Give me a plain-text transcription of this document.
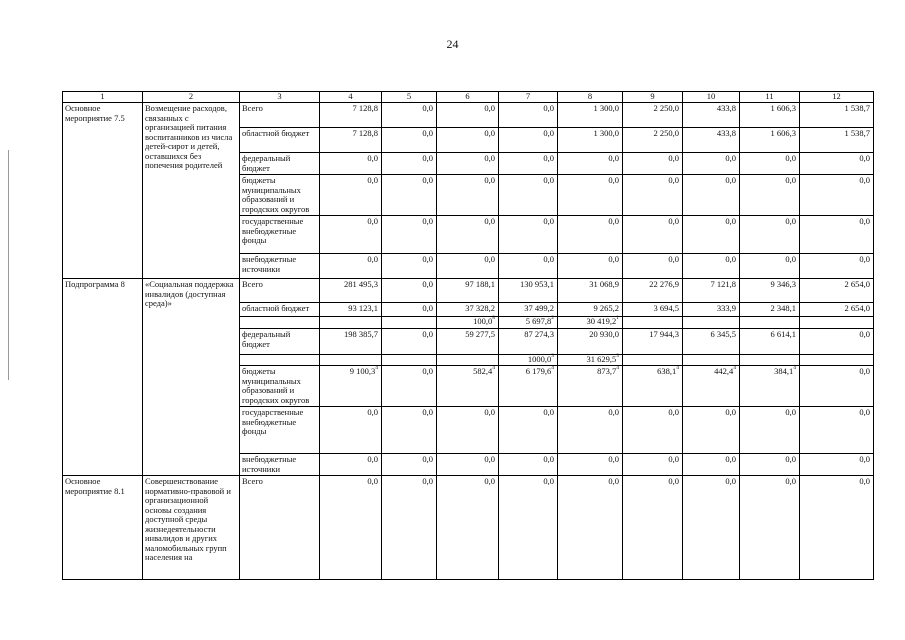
24
1	2	3	4	5	6	7	8	9	10	11	12
Основное мероприятие 7.5	Возмещение расходов, связанных с организацией питания воспитанников из числа детей-сирот и детей, оставшихся без попечения родителей	Всего	7 128,8	0,0	0,0	0,0	1 300,0	2 250,0	433,8	1 606,3	1 538,7
		областной бюджет	7 128,8	0,0	0,0	0,0	1 300,0	2 250,0	433,8	1 606,3	1 538,7
		федеральный бюджет	0,0	0,0	0,0	0,0	0,0	0,0	0,0	0,0	0,0
		бюджеты муниципальных образований и городских округов	0,0	0,0	0,0	0,0	0,0	0,0	0,0	0,0	0,0
		государственные внебюджетные фонды	0,0	0,0	0,0	0,0	0,0	0,0	0,0	0,0	0,0
		внебюджетные источники	0,0	0,0	0,0	0,0	0,0	0,0	0,0	0,0	0,0
Подпрограмма 8	«Социальная поддержка инвалидов (доступная среда)»	Всего	281 495,3	0,0	97 188,1	130 953,1	31 068,9	22 276,9	7 121,8	9 346,3	2 654,0
		областной бюджет	93 123,1	0,0	37 328,2	37 499,2	9 265,2	3 694,5	333,9	2 348,1	2 654,0
					100,0$^8$	5 697,8$^2$	30 419,2$^1$				
		федеральный бюджет	198 385,7	0,0	59 277,5	87 274,3	20 930,0	17 944,3	6 345,5	6 614,1	0,0
						1000,0$^3$	31 629,5$^3$				
		бюджеты муниципальных образований и городских округов	9 100,3$^4$	0,0	582,4$^4$	6 179,6$^4$	873,7$^4$	638,1$^4$	442,4$^4$	384,1$^4$	0,0
		государственные внебюджетные фонды	0,0	0,0	0,0	0,0	0,0	0,0	0,0	0,0	0,0
		внебюджетные источники	0,0	0,0	0,0	0,0	0,0	0,0	0,0	0,0	0,0
Основное мероприятие 8.1	Совершенствование нормативно-правовой и организационной основы создания доступной среды жизнедеятельности инвалидов и других маломобильных групп населения на	Всего	0,0	0,0	0,0	0,0	0,0	0,0	0,0	0,0	0,0
